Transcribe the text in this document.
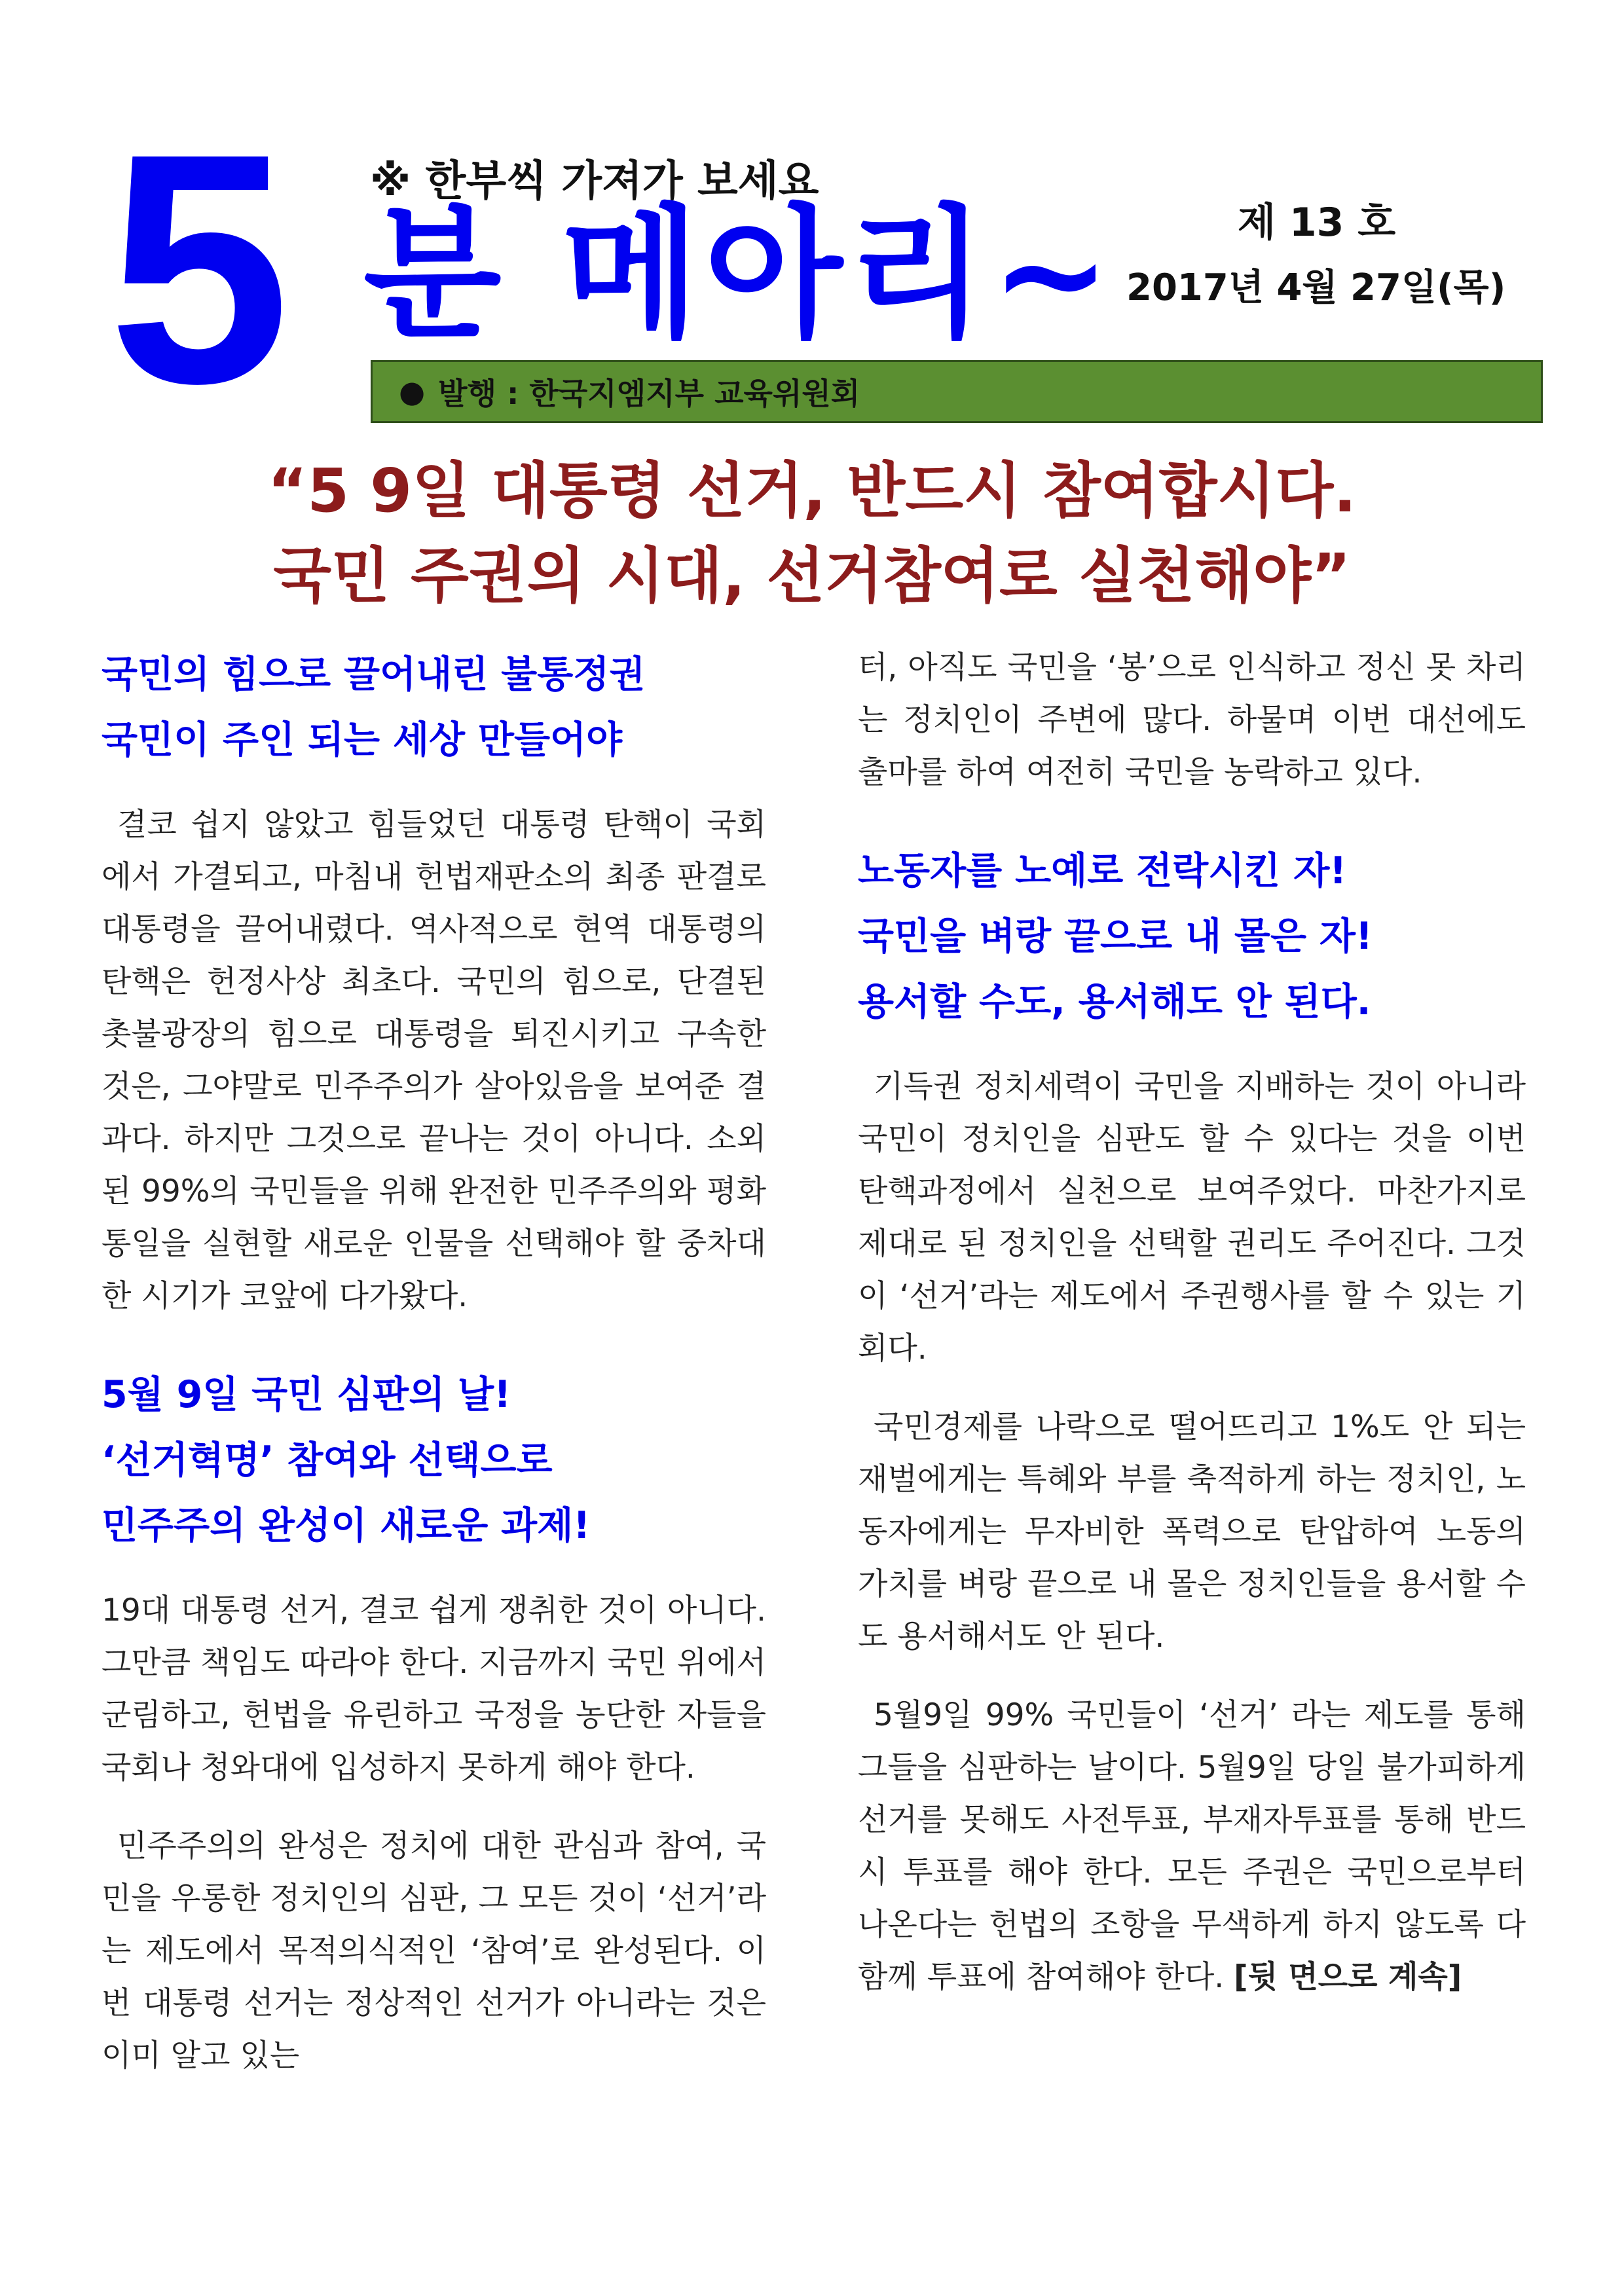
5	※ 한부씩 가져가 보세요
분 메아리~	제 13 호
2017년 4월 27일(목)
● 발행 : 한국지엠지부 교육위원회
“5 9일 대통령 선거, 반드시 참여합시다.
국민 주권의 시대, 선거참여로 실천해야”

국민의 힘으로 끌어내린 불통정권

국민이 주인 되는 세상 만들어야

결코 쉽지 않았고 힘들었던 대통령 탄핵이 국회에서 가결되고, 마침내 헌법재판소의 최종 판결로 대통령을 끌어내렸다. 역사적으로 현역 대통령의 탄핵은 헌정사상 최초다. 국민의 힘으로, 단결된 촛불광장의 힘으로 대통령을 퇴진시키고 구속한 것은, 그야말로 민주주의가 살아있음을 보여준 결과다. 하지만 그것으로 끝나는 것이 아니다. 소외된 99%의 국민들을 위해 완전한 민주주의와 평화통일을 실현할 새로운 인물을 선택해야 할 중차대한 시기가 코앞에 다가왔다.

5월 9일 국민 심판의 날!

‘선거혁명’ 참여와 선택으로

민주주의 완성이 새로운 과제!

19대 대통령 선거, 결코 쉽게 쟁취한 것이 아니다. 그만큼 책임도 따라야 한다. 지금까지 국민 위에서 군림하고, 헌법을 유린하고 국정을 농단한 자들을 국회나 청와대에 입성하지 못하게 해야 한다.

민주주의의 완성은 정치에 대한 관심과 참여, 국민을 우롱한 정치인의 심판, 그 모든 것이 ‘선거’라는 제도에서 목적의식적인 ‘참여’로 완성된다. 이번 대통령 선거는 정상적인 선거가 아니라는 것은 이미 알고 있는

터, 아직도 국민을 ‘봉’으로 인식하고 정신 못 차리는 정치인이 주변에 많다. 하물며 이번 대선에도 출마를 하여 여전히 국민을 농락하고 있다.

노동자를 노예로 전락시킨 자!

국민을 벼랑 끝으로 내 몰은 자!

용서할 수도, 용서해도 안 된다.

기득권 정치세력이 국민을 지배하는 것이 아니라 국민이 정치인을 심판도 할 수 있다는 것을 이번 탄핵과정에서 실천으로 보여주었다. 마찬가지로 제대로 된 정치인을 선택할 권리도 주어진다. 그것이 ‘선거’라는 제도에서 주권행사를 할 수 있는 기회다.

국민경제를 나락으로 떨어뜨리고 1%도 안 되는 재벌에게는 특혜와 부를 축적하게 하는 정치인, 노동자에게는 무자비한 폭력으로 탄압하여 노동의 가치를 벼랑 끝으로 내 몰은 정치인들을 용서할 수도 용서해서도 안 된다.

5월9일 99% 국민들이 ‘선거’ 라는 제도를 통해 그들을 심판하는 날이다. 5월9일 당일 불가피하게 선거를 못해도 사전투표, 부재자투표를 통해 반드시 투표를 해야 한다. 모든 주권은 국민으로부터 나온다는 헌법의 조항을 무색하게 하지 않도록 다함께 투표에 참여해야 한다. [뒷 면으로 계속]
